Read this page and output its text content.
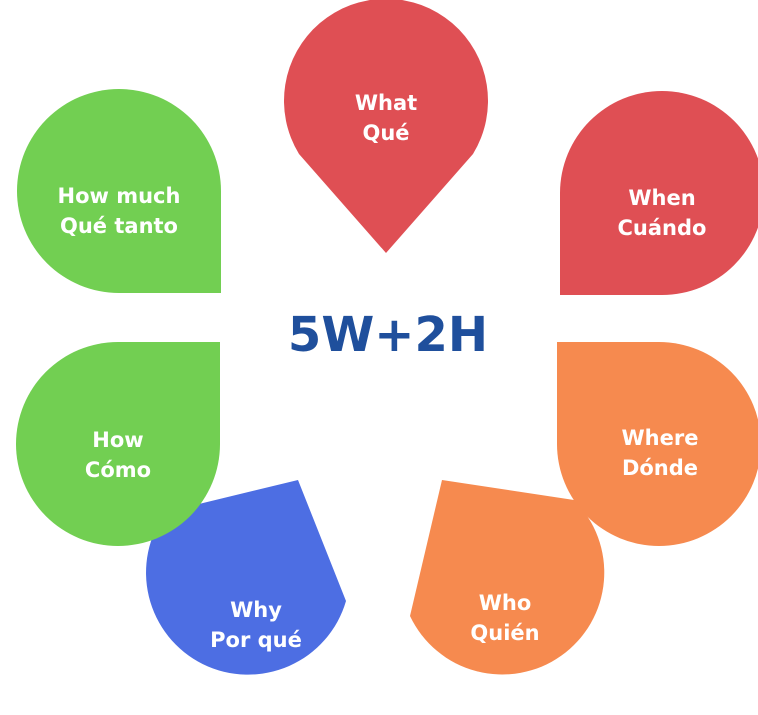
What
Qué
When
Cuándo
Where
Dónde
Who
Quién
Why
Por qué
How
Cómo
How much
Qué tanto
5W+2H
